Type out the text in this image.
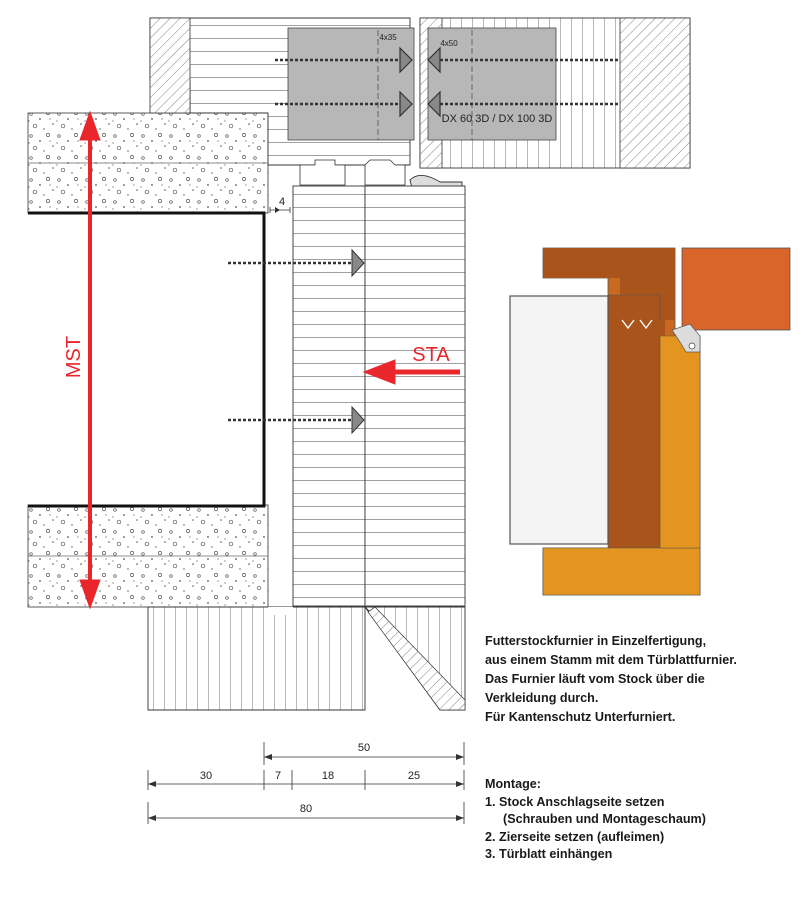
MST	STA
4
4x35
4x50
DX 60 3D / DX 100 3D
50
30	7	18	25
80
Futterstockfurnier in Einzelfertigung,
aus einem Stamm mit dem Türblattfurnier.
Das Furnier läuft vom Stock über die
Verkleidung durch.
Für Kantenschutz Unterfurniert.
Montage:
1. Stock Anschlagseite setzen
(Schrauben und Montageschaum)
2. Zierseite setzen (aufleimen)
3. Türblatt einhängen
